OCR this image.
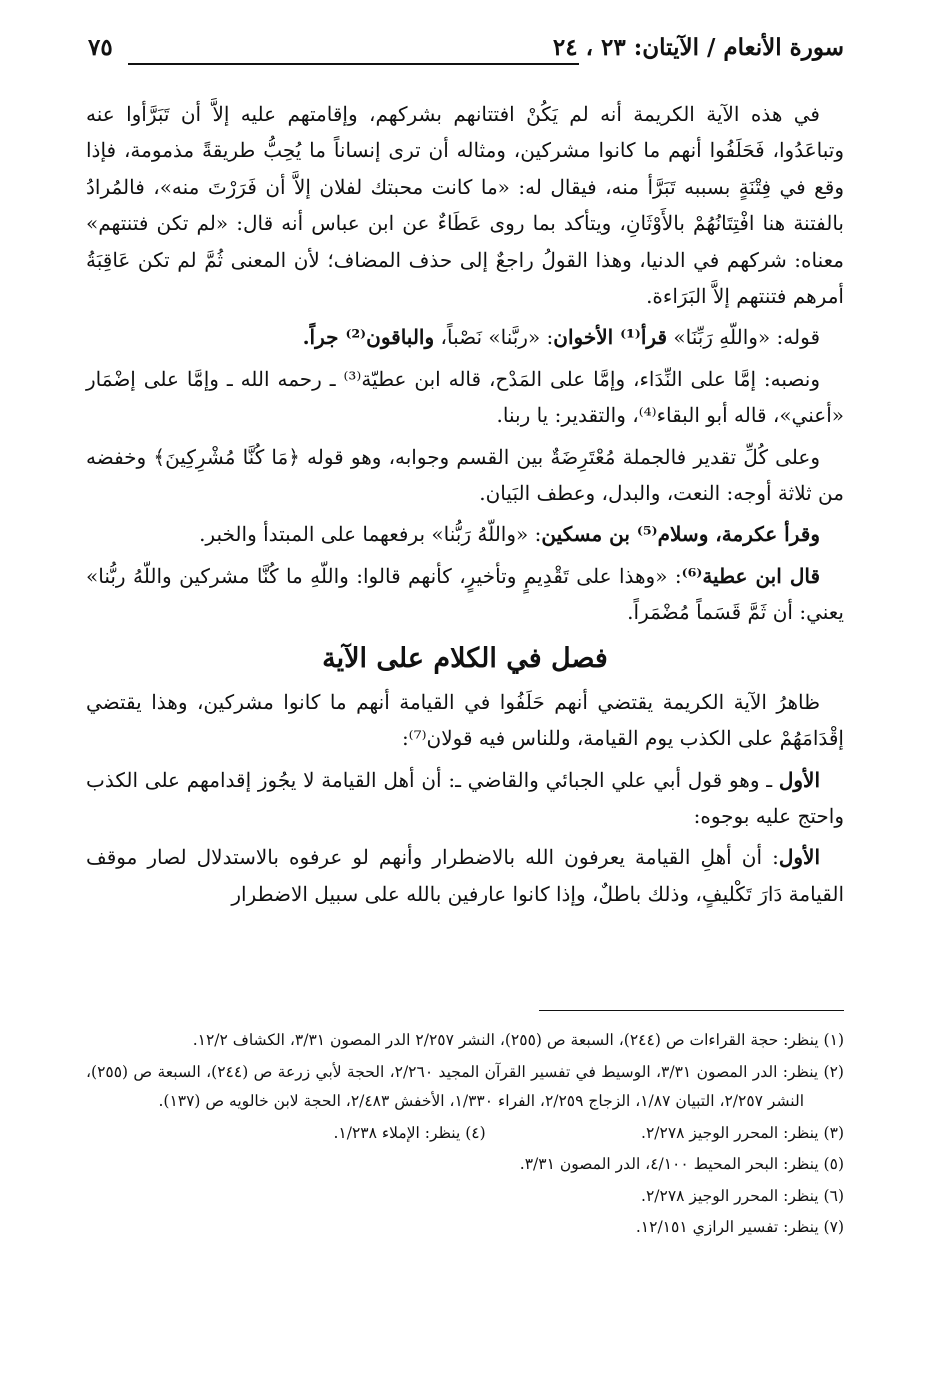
سورة الأنعام / الآيتان: ٢٣ ، ٢٤
٧٥

في هذه الآية الكريمة أنه لم يَكُنْ افتتانهم بشركهم، وإقامتهم عليه إلاَّ أن تَبَرَّأوا عنه وتباعَدُوا، فَحَلَفُوا أنهم ما كانوا مشركين، ومثاله أن ترى إنساناً ما يُحِبُّ طريقةً مذمومة، فإذا وقع في فِتْنَةٍ بسببه تَبَرَّأ منه، فيقال له: «ما كانت محبتك لفلان إلاَّ أن فَرَرْتَ منه»، فالمُرادُ بالفتنة هنا افْتِتَانُهُمْ بالأَوْثَانِ، ويتأكد بما روى عَطَاءٌ عن ابن عباس أنه قال: «لم تكن فتنتهم» معناه: شركهم في الدنيا، وهذا القولُ راجعٌ إلى حذف المضاف؛ لأن المعنى ثُمَّ لم تكن عَاقِبَةُ أمرهم فتنتهم إلاَّ البَرَاءة.

قوله: «واللّهِ رَبِّنَا» قرأ⁽¹⁾ الأخوان: «ربَّنا» نَصْباً، والباقون⁽²⁾ جراً.

ونصبه: إمَّا على النِّدَاء، وإمَّا على المَدْح، قاله ابن عطيّة⁽³⁾ ـ رحمه الله ـ وإمَّا على إضْمَار «أعني»، قاله أبو البقاء⁽⁴⁾، والتقدير: يا ربنا.

وعلى كُلِّ تقدير فالجملة مُعْتَرِضَةٌ بين القسم وجوابه، وهو قوله ﴿مَا كُنَّا مُشْرِكِينَ﴾ وخفضه من ثلاثة أوجه: النعت، والبدل، وعطف البَيان.

وقرأ عكرمة، وسلام⁽⁵⁾ بن مسكين: «واللّهُ رَبُّنا» برفعهما على المبتدأ والخبر.

قال ابن عطية⁽⁶⁾: «وهذا على تَقْدِيمٍ وتأخيرٍ، كأنهم قالوا: واللّهِ ما كُنَّا مشركين واللّهُ ربُّنا» يعني: أن ثَمَّ قَسَماً مُضْمَراً.

فصل في الكلام على الآية

ظاهرُ الآية الكريمة يقتضي أنهم حَلَفُوا في القيامة أنهم ما كانوا مشركين، وهذا يقتضي إقْدَامَهُمْ على الكذب يوم القيامة، وللناس فيه قولان⁽⁷⁾:

الأول ـ وهو قول أبي علي الجبائي والقاضي ـ: أن أهل القيامة لا يجُوز إقدامهم على الكذب واحتج عليه بوجوه:

الأول: أن أهلِ القيامة يعرفون الله بالاضطرار وأنهم لو عرفوه بالاستدلال لصار موقف القيامة دَارَ تَكْليفٍ، وذلك باطلٌ، وإذا كانوا عارفين بالله على سبيل الاضطرار

(١) ينظر: حجة القراءات ص (٢٤٤)، السبعة ص (٢٥٥)، النشر ٢/٢٥٧ الدر المصون ٣/٣١، الكشاف ١٢/٢.
(٢) ينظر: الدر المصون ٣/٣١، الوسيط في تفسير القرآن المجيد ٢/٢٦٠، الحجة لأبي زرعة ص (٢٤٤)، السبعة ص (٢٥٥)، النشر ٢/٢٥٧، التبيان ١/٨٧، الزجاج ٢/٢٥٩، الفراء ١/٣٣٠، الأخفش ٢/٤٨٣، الحجة لابن خالويه ص (١٣٧).
(٣) ينظر: المحرر الوجيز ٢/٢٧٨.
(٤) ينظر: الإملاء ١/٢٣٨.
(٥) ينظر: البحر المحيط ٤/١٠٠، الدر المصون ٣/٣١.
(٦) ينظر: المحرر الوجيز ٢/٢٧٨.
(٧) ينظر: تفسير الرازي ١٢/١٥١.
